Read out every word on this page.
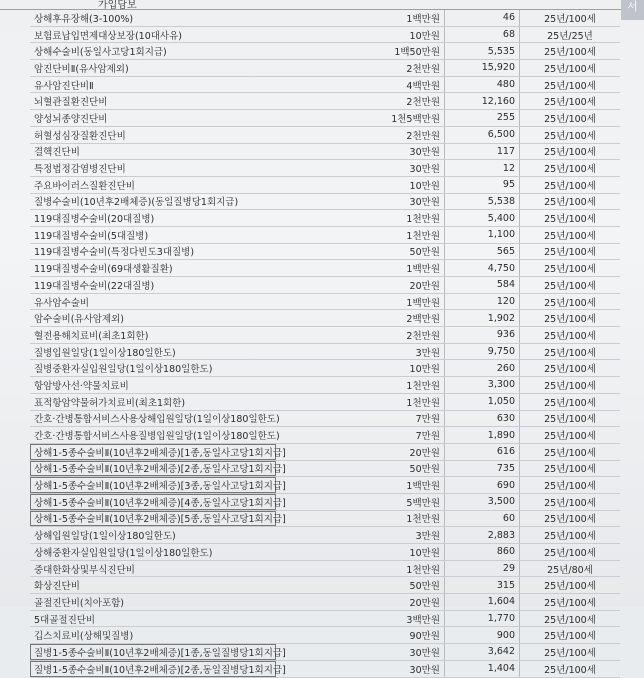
가입담보	서
상해후유장해(3-100%)	1백만원	46	25년/100세
보험료납입면제대상보장(10대사유)	10만원	68	25년/25년
상해수술비(동일사고당1회지급)	1백50만원	5,535	25년/100세
암진단비Ⅱ(유사암제외)	2천만원	15,920	25년/100세
유사암진단비Ⅱ	4백만원	480	25년/100세
뇌혈관질환진단비	2천만원	12,160	25년/100세
양성뇌종양진단비	1천5백만원	255	25년/100세
허혈성심장질환진단비	2천만원	6,500	25년/100세
결핵진단비	30만원	117	25년/100세
특정법정감염병진단비	30만원	12	25년/100세
주요바이러스질환진단비	10만원	95	25년/100세
질병수술비(10년후2배체증)(동일질병당1회지급)	30만원	5,538	25년/100세
119대질병수술비(20대질병)	1천만원	5,400	25년/100세
119대질병수술비(5대질병)	1천만원	1,100	25년/100세
119대질병수술비(특정다빈도3대질병)	50만원	565	25년/100세
119대질병수술비(69대생활질환)	1백만원	4,750	25년/100세
119대질병수술비(22대질병)	20만원	584	25년/100세
유사암수술비	1백만원	120	25년/100세
암수술비(유사암제외)	2백만원	1,902	25년/100세
혈전용해치료비(최초1회한)	2천만원	936	25년/100세
질병입원일당(1일이상180일한도)	3만원	9,750	25년/100세
질병중환자실입원일당(1일이상180일한도)	10만원	260	25년/100세
항암방사선·약물치료비	1천만원	3,300	25년/100세
표적항암약물허가치료비(최초1회한)	1천만원	1,050	25년/100세
간호·간병통합서비스사용상해입원일당(1일이상180일한도)	7만원	630	25년/100세
간호·간병통합서비스사용질병입원일당(1일이상180일한도)	7만원	1,890	25년/100세
상해1-5종수술비Ⅱ(10년후2배체증)[1종,동일사고당1회지급]	20만원	616	25년/100세
상해1-5종수술비Ⅱ(10년후2배체증)[2종,동일사고당1회지급]	50만원	735	25년/100세
상해1-5종수술비Ⅱ(10년후2배체증)[3종,동일사고당1회지급]	1백만원	690	25년/100세
상해1-5종수술비Ⅱ(10년후2배체증)[4종,동일사고당1회지급]	5백만원	3,500	25년/100세
상해1-5종수술비Ⅱ(10년후2배체증)[5종,동일사고당1회지급]	1천만원	60	25년/100세
상해입원일당(1일이상180일한도)	3만원	2,883	25년/100세
상해중환자실입원일당(1일이상180일한도)	10만원	860	25년/100세
중대한화상및부식진단비	1천만원	29	25년/80세
화상진단비	50만원	315	25년/100세
골절진단비(치아포함)	20만원	1,604	25년/100세
5대골절진단비	3백만원	1,770	25년/100세
깁스치료비(상해및질병)	90만원	900	25년/100세
질병1-5종수술비Ⅱ(10년후2배체증)[1종,동일질병당1회지급]	30만원	3,642	25년/100세
질병1-5종수술비Ⅱ(10년후2배체증)[2종,동일질병당1회지급]	30만원	1,404	25년/100세
